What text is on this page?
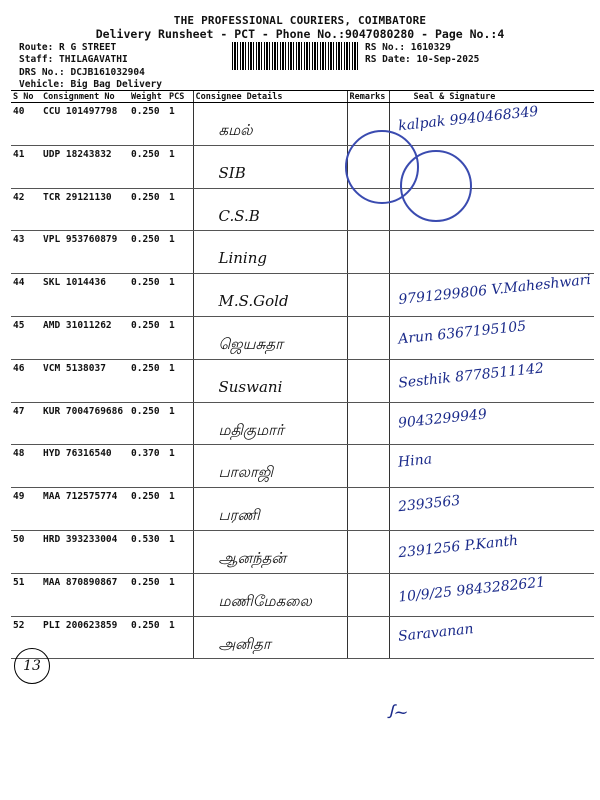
THE PROFESSIONAL COURIERS, COIMBATORE
Delivery Runsheet - PCT - Phone No.:9047080280 - Page No.:4
Route: R G STREET
Staff: THILAGAVATHI
DRS No.: DCJB161032904
Vehicle: Big Bag Delivery
RS No.: 1610329
RS Date: 10-Sep-2025
S No	Consignment No	Weight	PCS	Consignee Details	Remarks	Seal & Signature
40	CCU 101497798	0.250	1	கமல்		kalpak 9940468349

41	UDP 18243832	0.250	1	SIB		

42	TCR 29121130	0.250	1	C.S.B		

43	VPL 953760879	0.250	1	Lining		

44	SKL 1014436	0.250	1	M.S.Gold		9791299806 V.Maheshwari

45	AMD 31011262	0.250	1	ஜெயசுதா		Arun 6367195105

46	VCM 5138037	0.250	1	Suswani		Sesthik 8778511142

47	KUR 7004769686	0.250	1	மதிகுமார்		9043299949

48	HYD 76316540	0.370	1	பாலாஜி		Hina

49	MAA 712575774	0.250	1	பரணி		2393563

50	HRD 393233004	0.530	1	ஆனந்தன்		2391256 P.Kanth

51	MAA 870890867	0.250	1	மணிமேகலை		10/9/25 9843282621

52	PLI 200623859	0.250	1	அனிதா		Saravanan
13
ꭍ~
